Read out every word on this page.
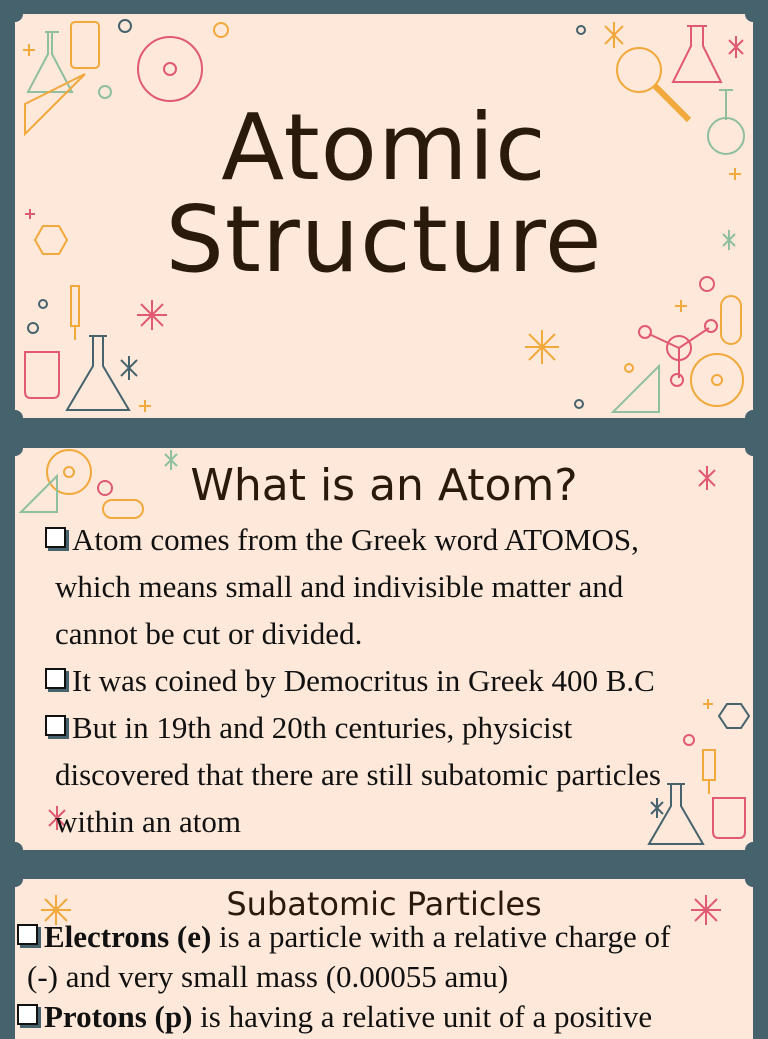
Atomic
Structure
What is an Atom?
Atom comes from the Greek word ATOMOS,
which means small and indivisible matter and
cannot be cut or divided.
It was coined by Democritus in Greek 400 B.C
But in 19th and 20th centuries, physicist
discovered that there are still subatomic particles
within an atom
Subatomic Particles
Electrons (e) is a particle with a relative charge of
(-) and very small mass (0.00055 amu)
Protons (p) is having a relative unit of a positive
